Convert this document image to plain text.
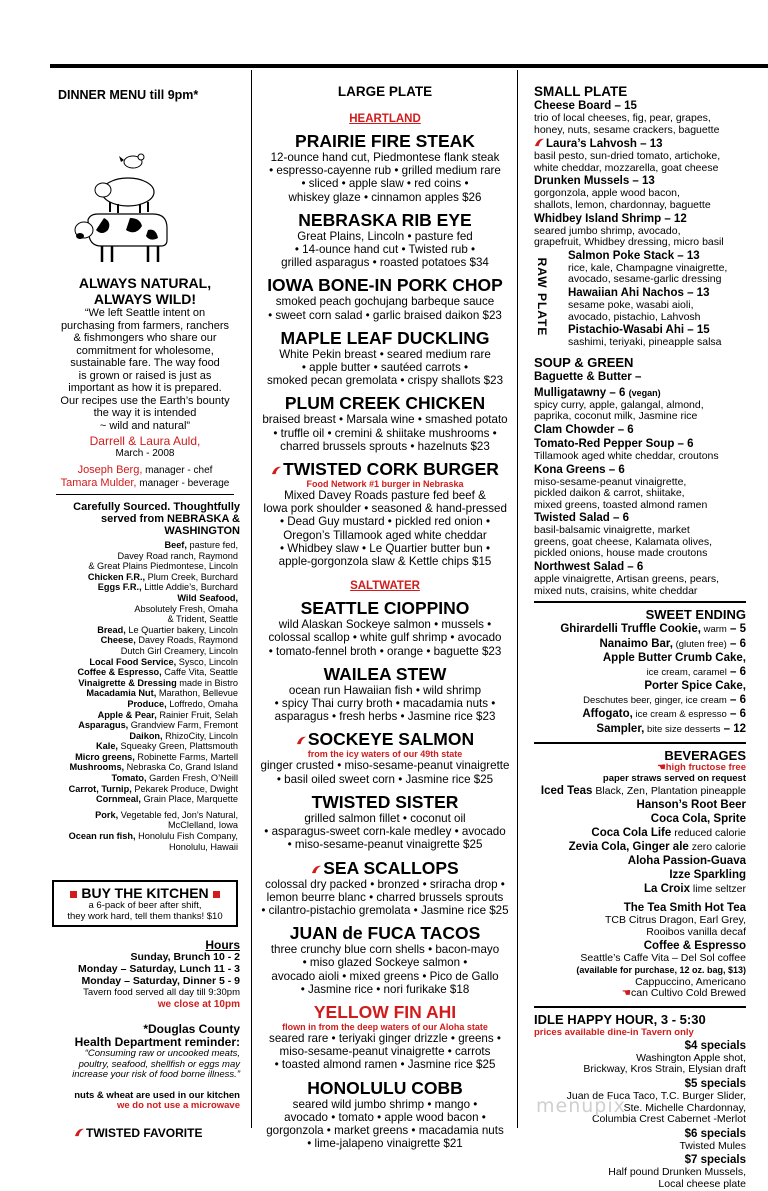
DINNER MENU till 9pm*
ALWAYS NATURAL,
ALWAYS WILD!
“We left Seattle intent on
purchasing from farmers, ranchers
& fishmongers who share our
commitment for wholesome,
sustainable fare. The way food
is grown or raised is just as
important as how it is prepared.
Our recipes use the Earth’s bounty
the way it is intended
~ wild and natural”
Darrell & Laura Auld,
March - 2008
Joseph Berg, manager - chef
Tamara Mulder, manager - beverage
Carefully Sourced. Thoughtfully
served from NEBRASKA &
WASHINGTON
Beef, pasture fed,
Davey Road ranch, Raymond
& Great Plains Piedmontese, Lincoln
Chicken F.R., Plum Creek, Burchard
Eggs F.R., Little Addie’s, Burchard
Wild Seafood,
Absolutely Fresh, Omaha
& Trident, Seattle
Bread, Le Quartier bakery, Lincoln
Cheese, Davey Roads, Raymond
Dutch Girl Creamery, Lincoln
Local Food Service, Sysco, Lincoln
Coffee & Espresso, Caffe Vita, Seattle
Vinaigrette & Dressing made in Bistro
Macadamia Nut, Marathon, Bellevue
Produce, Loffredo, Omaha
Apple & Pear, Rainier Fruit, Selah
Asparagus, Grandview Farm, Fremont
Daikon, RhizoCity, Lincoln
Kale, Squeaky Green, Plattsmouth
Micro greens, Robinette Farms, Martell
Mushrooms, Nebraska Co, Grand Island
Tomato, Garden Fresh, O’Neill
Carrot, Turnip, Pekarek Produce, Dwight
Cornmeal, Grain Place, Marquette
Pork, Vegetable fed, Jon’s Natural,
McClelland, Iowa
Ocean run fish, Honolulu Fish Company,
Honolulu, Hawaii
BUY THE KITCHEN
a 6-pack of beer after shift,
they work hard, tell them thanks! $10
Hours
Sunday, Brunch 10 - 2
Monday – Saturday, Lunch 11 - 3
Monday – Saturday, Dinner 5 - 9
Tavern food served all day till 9:30pm
we close at 10pm
*Douglas County
Health Department reminder:
“Consuming raw or uncooked meats,
poultry, seafood, shellfish or eggs may
increase your risk of food borne illness.”
nuts & wheat are used in our kitchen
we do not use a microwave
TWISTED FAVORITE
LARGE PLATE
HEARTLAND
PRAIRIE FIRE STEAK
12-ounce hand cut, Piedmontese flank steak
• espresso-cayenne rub • grilled medium rare
• sliced • apple slaw • red coins •
whiskey glaze • cinnamon apples $26
NEBRASKA RIB EYE
Great Plains, Lincoln • pasture fed
• 14-ounce hand cut • Twisted rub •
grilled asparagus • roasted potatoes $34
IOWA BONE-IN PORK CHOP
smoked peach gochujang barbeque sauce
• sweet corn salad • garlic braised daikon $23
MAPLE LEAF DUCKLING
White Pekin breast • seared medium rare
• apple butter • sautéed carrots •
smoked pecan gremolata • crispy shallots $23
PLUM CREEK CHICKEN
braised breast • Marsala wine • smashed potato
• truffle oil • cremini & shiitake mushrooms •
charred brussels sprouts • hazelnuts $23
TWISTED CORK BURGER
Food Network #1 burger in Nebraska
Mixed Davey Roads pasture fed beef &
Iowa pork shoulder • seasoned & hand-pressed
• Dead Guy mustard • pickled red onion •
Oregon’s Tillamook aged white cheddar
• Whidbey slaw • Le Quartier butter bun •
apple-gorgonzola slaw & Kettle chips $15
SALTWATER
SEATTLE CIOPPINO
wild Alaskan Sockeye salmon • mussels •
colossal scallop • white gulf shrimp • avocado
• tomato-fennel broth • orange • baguette $23
WAILEA STEW
ocean run Hawaiian fish • wild shrimp
• spicy Thai curry broth • macadamia nuts •
asparagus • fresh herbs • Jasmine rice $23
SOCKEYE SALMON
from the icy waters of our 49th state
ginger crusted • miso-sesame-peanut vinaigrette
• basil oiled sweet corn • Jasmine rice $25
TWISTED SISTER
grilled salmon fillet • coconut oil
• asparagus-sweet corn-kale medley • avocado
• miso-sesame-peanut vinaigrette $25
SEA SCALLOPS
colossal dry packed • bronzed • sriracha drop •
lemon beurre blanc • charred brussels sprouts
• cilantro-pistachio gremolata • Jasmine rice $25
JUAN de FUCA TACOS
three crunchy blue corn shells • bacon-mayo
• miso glazed Sockeye salmon •
avocado aioli • mixed greens • Pico de Gallo
• Jasmine rice • nori furikake $18
YELLOW FIN AHI
flown in from the deep waters of our Aloha state
seared rare • teriyaki ginger drizzle • greens •
miso-sesame-peanut vinaigrette • carrots
• toasted almond ramen • Jasmine rice $25
HONOLULU COBB
seared wild jumbo shrimp • mango •
avocado • tomato • apple wood bacon •
gorgonzola • market greens • macadamia nuts
• lime-jalapeno vinaigrette $21
SMALL PLATE
Cheese Board – 15
trio of local cheeses, fig, pear, grapes,
honey, nuts, sesame crackers, baguette
Laura’s Lahvosh – 13
basil pesto, sun-dried tomato, artichoke,
white cheddar, mozzarella, goat cheese
Drunken Mussels – 13
gorgonzola, apple wood bacon,
shallots, lemon, chardonnay, baguette
Whidbey Island Shrimp – 12
seared jumbo shrimp, avocado,
grapefruit, Whidbey dressing, micro basil
RAW PLATE
Salmon Poke Stack – 13
rice, kale, Champagne vinaigrette,
avocado, sesame-garlic dressing
Hawaiian Ahi Nachos – 13
sesame poke, wasabi aioli,
avocado, pistachio, Lahvosh
Pistachio-Wasabi Ahi – 15
sashimi, teriyaki, pineapple salsa
SOUP & GREEN
Baguette & Butter –
Mulligatawny – 6 (vegan)
spicy curry, apple, galangal, almond,
paprika, coconut milk, Jasmine rice
Clam Chowder – 6
Tomato-Red Pepper Soup – 6
Tillamook aged white cheddar, croutons
Kona Greens – 6
miso-sesame-peanut vinaigrette,
pickled daikon & carrot, shiitake,
mixed greens, toasted almond ramen
Twisted Salad – 6
basil-balsamic vinaigrette, market
greens, goat cheese, Kalamata olives,
pickled onions, house made croutons
Northwest Salad – 6
apple vinaigrette, Artisan greens, pears,
mixed nuts, craisins, white cheddar
SWEET ENDING
Ghirardelli Truffle Cookie, warm – 5
Nanaimo Bar, (gluten free) – 6
Apple Butter Crumb Cake,
ice cream, caramel – 6
Porter Spice Cake,
Deschutes beer, ginger, ice cream – 6
Affogato, ice cream & espresso – 6
Sampler, bite size desserts – 12
BEVERAGES
☚high fructose free
paper straws served on request
Iced Teas Black, Zen, Plantation pineapple
Hanson’s Root Beer
Coca Cola, Sprite
Coca Cola Life reduced calorie
Zevia Cola, Ginger ale zero calorie
Aloha Passion-Guava
Izze Sparkling
La Croix lime seltzer
The Tea Smith Hot Tea
TCB Citrus Dragon, Earl Grey,
Rooibos vanilla decaf
Coffee & Espresso
Seattle’s Caffe Vita – Del Sol coffee
(available for purchase, 12 oz. bag, $13)
Cappuccino, Americano
☚can Cultivo Cold Brewed
IDLE HAPPY HOUR, 3 - 5:30
prices available dine-in Tavern only
$4 specials
Washington Apple shot,
Brickway, Kros Strain, Elysian draft
$5 specials
Juan de Fuca Taco, T.C. Burger Slider,
Ste. Michelle Chardonnay,
Columbia Crest Cabernet -Merlot
$6 specials
Twisted Mules
$7 specials
Half pound Drunken Mussels,
Local cheese plate
menupix
